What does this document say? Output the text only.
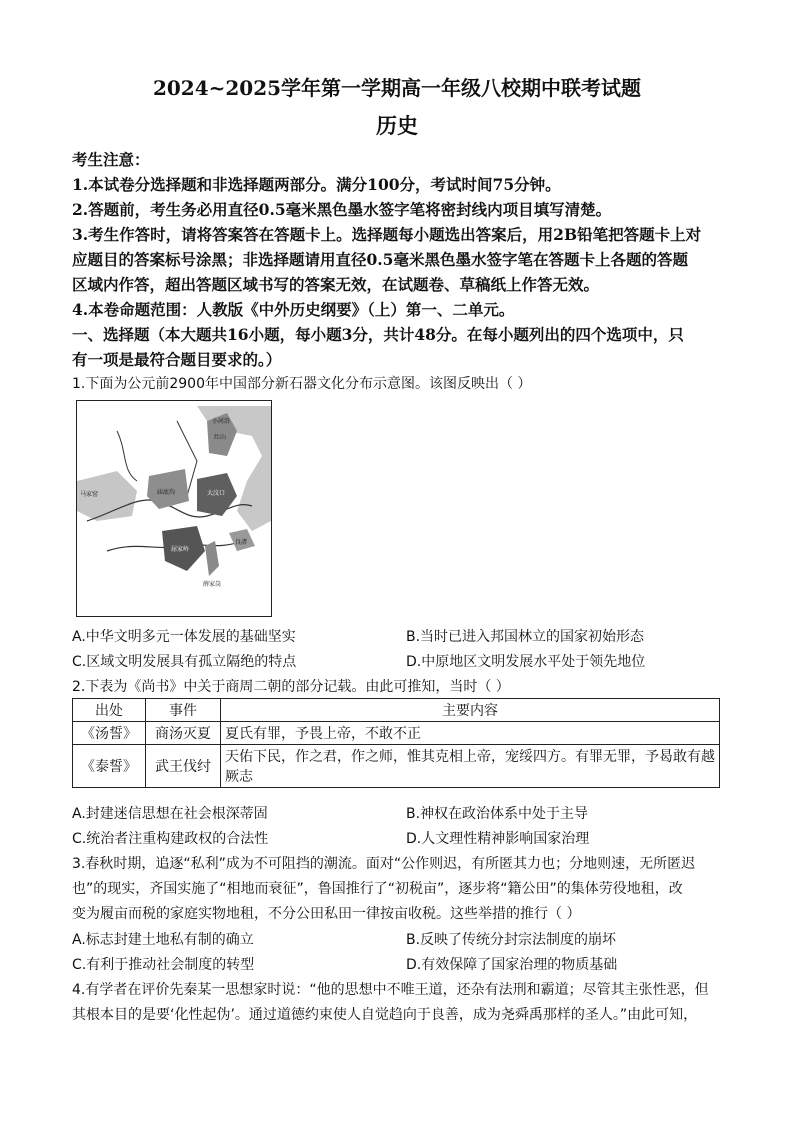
2024~2025学年第一学期高一年级八校期中联考试题
历史
考生注意：
1.本试卷分选择题和非选择题两部分。满分100分，考试时间75分钟。
2.答题前，考生务必用直径0.5毫米黑色墨水签字笔将密封线内项目填写清楚。
3.考生作答时，请将答案答在答题卡上。选择题每小题选出答案后，用2B铅笔把答题卡上对
应题目的答案标号涂黑；非选择题请用直径0.5毫米黑色墨水签字笔在答题卡上各题的答题
区域内作答，超出答题区域书写的答案无效，在试题卷、草稿纸上作答无效。
4.本卷命题范围：人教版《中外历史纲要》（上）第一、二单元。
一、选择题（本大题共16小题，每小题3分，共计48分。在每小题列出的四个选项中，只
有一项是最符合题目要求的。）
1.下面为公元前2900年中国部分新石器文化分布示意图。该图反映出（ ）
小河沿
红山
马家窑	庙底沟	大汶口
屈家岭
薛家岗
良渚
A.中华文明多元一体发展的基础坚实	B.当时已进入邦国林立的国家初始形态
C.区域文明发展具有孤立隔绝的特点	D.中原地区文明发展水平处于领先地位
2.下表为《尚书》中关于商周二朝的部分记载。由此可推知，当时（ ）
出处	事件	主要内容
《汤誓》	商汤灭夏	夏氏有罪，予畏上帝，不敢不正
《泰誓》	武王伐纣	天佑下民，作之君，作之师，惟其克相上帝，宠绥四方。有罪无罪，予曷敢有越
厥志
A.封建迷信思想在社会根深蒂固	B.神权在政治体系中处于主导
C.统治者注重构建政权的合法性	D.人文理性精神影响国家治理
3.春秋时期，追逐“私利”成为不可阻挡的潮流。面对“公作则迟，有所匿其力也；分地则速，无所匿迟
也”的现实，齐国实施了“相地而衰征”，鲁国推行了“初税亩”，逐步将“籍公田”的集体劳役地租，改
变为履亩而税的家庭实物地租，不分公田私田一律按亩收税。这些举措的推行（ ）
A.标志封建土地私有制的确立	B.反映了传统分封宗法制度的崩坏
C.有利于推动社会制度的转型	D.有效保障了国家治理的物质基础
4.有学者在评价先秦某一思想家时说：“他的思想中不唯王道，还杂有法刑和霸道；尽管其主张性恶，但
其根本目的是要‘化性起伪’。通过道德约束使人自觉趋向于良善，成为尧舜禹那样的圣人。”由此可知，
